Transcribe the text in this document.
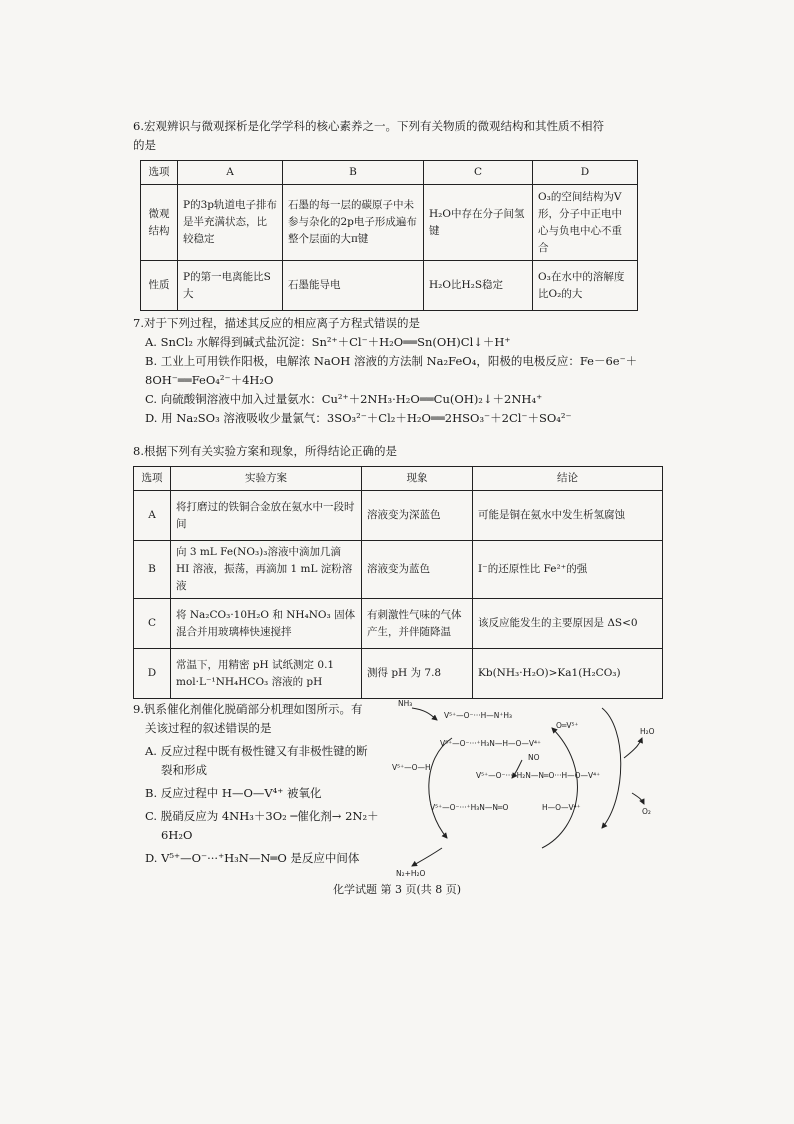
6.宏观辨识与微观探析是化学学科的核心素养之一。下列有关物质的微观结构和其性质不相符

的是

选项	A	B	C	D
微观结构	P的3p轨道电子排布是半充满状态，比较稳定	石墨的每一层的碳原子中未参与杂化的2p电子形成遍布整个层面的大π键	H₂O中存在分子间氢键	O₃的空间结构为V形，分子中正电中心与负电中心不重合
性质	P的第一电离能比S大	石墨能导电	H₂O比H₂S稳定	O₃在水中的溶解度比O₂的大

7.对于下列过程，描述其反应的相应离子方程式错误的是

A. SnCl₂ 水解得到碱式盐沉淀：Sn²⁺＋Cl⁻＋H₂O══Sn(OH)Cl↓＋H⁺

B. 工业上可用铁作阳极，电解浓 NaOH 溶液的方法制 Na₂FeO₄，阳极的电极反应：Fe－6e⁻＋

8OH⁻══FeO₄²⁻＋4H₂O

C. 向硫酸铜溶液中加入过量氨水：Cu²⁺＋2NH₃·H₂O══Cu(OH)₂↓＋2NH₄⁺

D. 用 Na₂SO₃ 溶液吸收少量氯气：3SO₃²⁻＋Cl₂＋H₂O══2HSO₃⁻＋2Cl⁻＋SO₄²⁻

8.根据下列有关实验方案和现象，所得结论正确的是

选项	实验方案	现象	结论
A	将打磨过的铁铜合金放在氨水中一段时间	溶液变为深蓝色	可能是铜在氨水中发生析氢腐蚀
B	向 3 mL Fe(NO₃)₃溶液中滴加几滴 HI 溶液，振荡，再滴加 1 mL 淀粉溶液	溶液变为蓝色	I⁻的还原性比 Fe²⁺的强
C	将 Na₂CO₃·10H₂O 和 NH₄NO₃ 固体混合并用玻璃棒快速搅拌	有刺激性气味的气体产生，并伴随降温	该反应能发生的主要原因是 ΔS<0
D	常温下，用精密 pH 试纸测定 0.1 mol·L⁻¹NH₄HCO₃ 溶液的 pH	测得 pH 为 7.8	Kb(NH₃·H₂O)>Ka1(H₂CO₃)

9.钒系催化剂催化脱硝部分机理如图所示。有

关该过程的叙述错误的是

A. 反应过程中既有极性键又有非极性键的断

裂和形成

B. 反应过程中 H—O—V⁴⁺ 被氧化

C. 脱硝反应为 4NH₃＋3O₂ ─催化剂→ 2N₂＋

6H₂O

D. V⁵⁺—O⁻···⁺H₃N—N═O 是反应中间体

NH₃
V⁵⁺—O⁻···H—N⁺H₃
O═V⁵⁺
V⁵⁺—O⁻···⁺H₃N—H—O—V⁴⁺
NO
H₂O
V⁵⁺—O—H
V⁵⁺—O⁻···⁺H₂N—N═O···H—O—V⁴⁺
O₂
V⁵⁺—O⁻···⁺H₃N—N═O	H—O—V⁴⁺
N₂+H₂O
化学试题 第 3 页(共 8 页)
